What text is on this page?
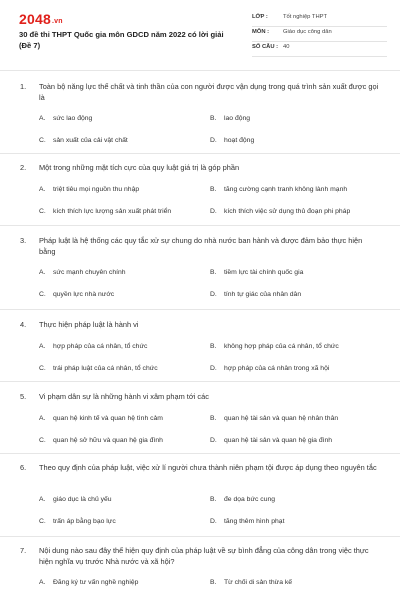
2048.vn
30 đề thi THPT Quốc gia môn GDCD năm 2022 có lời giải (Đề 7)
LỚP :	Tốt nghiệp THPT
MÔN : Giáo dục công dân
SỐ CÂU : 40
1. Toàn bộ năng lực thể chất và tinh thần của con người được vận dụng trong quá trình sản xuất được gọi là
A. sức lao động	B. lao động
C. sản xuất của cải vật chất	D. hoạt động
2. Một trong những mặt tích cực của quy luật giá trị là góp phần
A. triệt tiêu mọi nguồn thu nhập	B. tăng cường cạnh tranh không lành mạnh
C. kích thích lực lượng sản xuất phát triển	D. kích thích việc sử dụng thủ đoạn phi pháp
3. Pháp luật là hệ thống các quy tắc xử sự chung do nhà nước ban hành và được đảm bảo thực hiện bằng
A. sức mạnh chuyên chính	B. tiềm lực tài chính quốc gia
C. quyền lực nhà nước	D. tính tự giác của nhân dân
4. Thực hiện pháp luật là hành vi
A. hợp pháp của cá nhân, tổ chức	B. không hợp pháp của cá nhân, tổ chức
C. trái pháp luật của cá nhân, tổ chức	D. hợp pháp của cá nhân trong xã hội
5. Vi phạm dân sự là những hành vi xâm phạm tới các
A. quan hệ kinh tế và quan hệ tình cảm	B. quan hệ tài sản và quan hệ nhân thân
C. quan hệ sở hữu và quan hệ gia đình	D. quan hệ tài sản và quan hệ gia đình
6. Theo quy định của pháp luật, việc xử lí người chưa thành niên phạm tội được áp dụng theo nguyên tắc
A. giáo dục là chủ yếu	B. đe dọa bức cung
C. trấn áp bằng bạo lực	D. tăng thêm hình phạt
7. Nội dung nào sau đây thể hiện quy định của pháp luật về sự bình đẳng của công dân trong việc thực hiện nghĩa vụ trước Nhà nước và xã hội?
A. Đăng ký tư vấn nghề nghiệp	B. Từ chối di sản thừa kế
